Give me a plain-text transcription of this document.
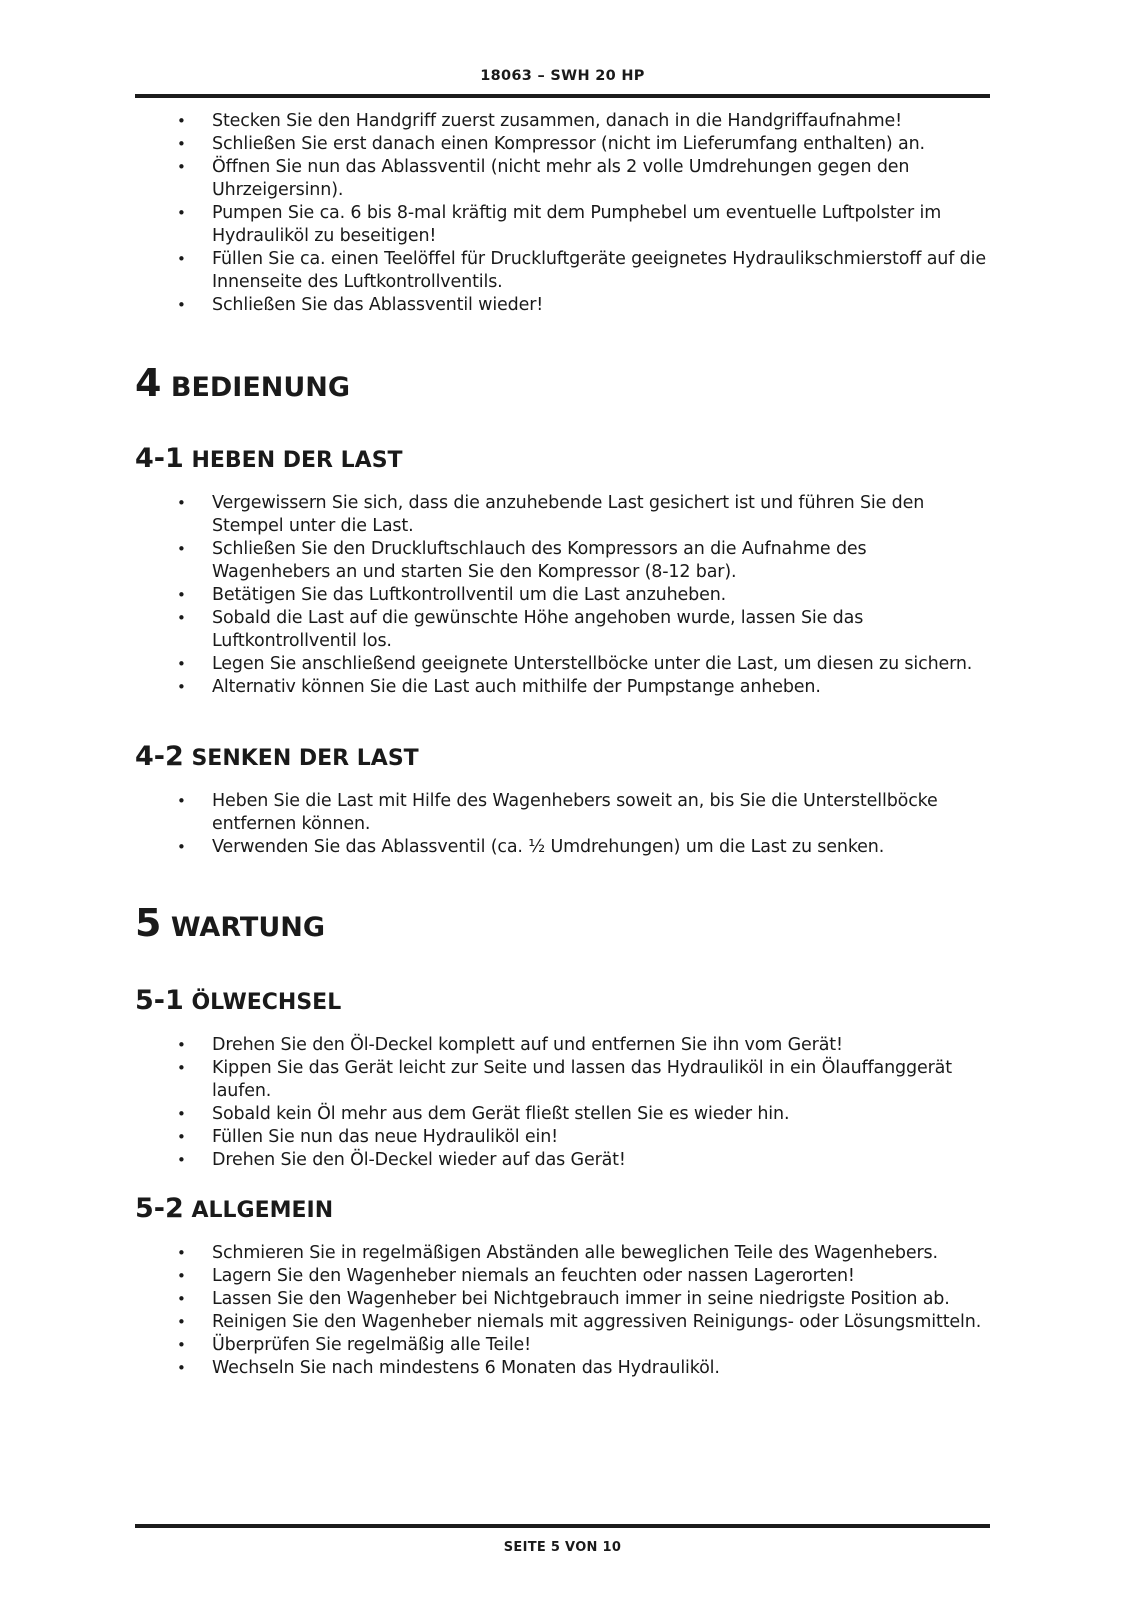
18063 – SWH 20 HP
• Stecken Sie den Handgriff zuerst zusammen, danach in die Handgriffaufnahme!
• Schließen Sie erst danach einen Kompressor (nicht im Lieferumfang enthalten) an.
• Öffnen Sie nun das Ablassventil (nicht mehr als 2 volle Umdrehungen gegen den Uhrzeigersinn).
• Pumpen Sie ca. 6 bis 8-mal kräftig mit dem Pumphebel um eventuelle Luftpolster im Hydrauliköl zu beseitigen!
• Füllen Sie ca. einen Teelöffel für Druckluftgeräte geeignetes Hydraulikschmierstoff auf die Innenseite des Luftkontrollventils.
• Schließen Sie das Ablassventil wieder!
4 BEDIENUNG
4-1 HEBEN DER LAST
• Vergewissern Sie sich, dass die anzuhebende Last gesichert ist und führen Sie den Stempel unter die Last.
• Schließen Sie den Druckluftschlauch des Kompressors an die Aufnahme des Wagenhebers an und starten Sie den Kompressor (8-12 bar).
• Betätigen Sie das Luftkontrollventil um die Last anzuheben.
• Sobald die Last auf die gewünschte Höhe angehoben wurde, lassen Sie das Luftkontrollventil los.
• Legen Sie anschließend geeignete Unterstellböcke unter die Last, um diesen zu sichern.
• Alternativ können Sie die Last auch mithilfe der Pumpstange anheben.
4-2 SENKEN DER LAST
• Heben Sie die Last mit Hilfe des Wagenhebers soweit an, bis Sie die Unterstellböcke entfernen können.
• Verwenden Sie das Ablassventil (ca. ½ Umdrehungen) um die Last zu senken.
5 WARTUNG
5-1 ÖLWECHSEL
• Drehen Sie den Öl-Deckel komplett auf und entfernen Sie ihn vom Gerät!
• Kippen Sie das Gerät leicht zur Seite und lassen das Hydrauliköl in ein Ölauffanggerät laufen.
• Sobald kein Öl mehr aus dem Gerät fließt stellen Sie es wieder hin.
• Füllen Sie nun das neue Hydrauliköl ein!
• Drehen Sie den Öl-Deckel wieder auf das Gerät!
5-2 ALLGEMEIN
• Schmieren Sie in regelmäßigen Abständen alle beweglichen Teile des Wagenhebers.
• Lagern Sie den Wagenheber niemals an feuchten oder nassen Lagerorten!
• Lassen Sie den Wagenheber bei Nichtgebrauch immer in seine niedrigste Position ab.
• Reinigen Sie den Wagenheber niemals mit aggressiven Reinigungs- oder Lösungsmitteln.
• Überprüfen Sie regelmäßig alle Teile!
• Wechseln Sie nach mindestens 6 Monaten das Hydrauliköl.
SEITE 5 VON 10
